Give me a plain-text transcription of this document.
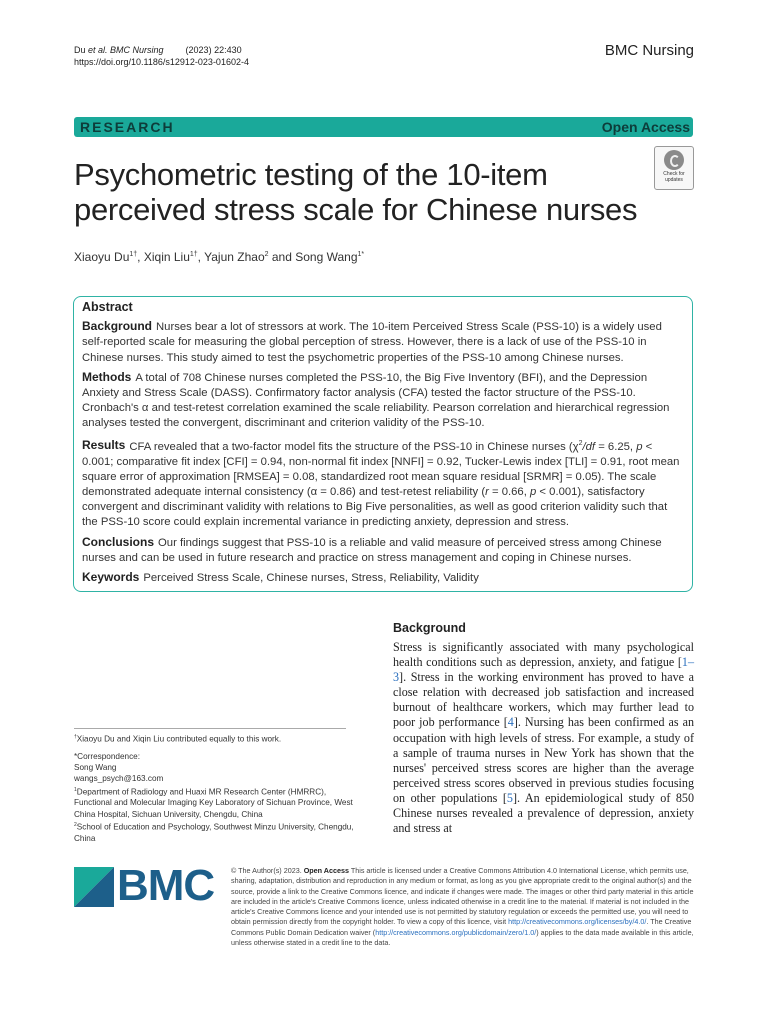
Du et al. BMC Nursing (2023) 22:430
https://doi.org/10.1186/s12912-023-01602-4
BMC Nursing
RESEARCH	Open Access
Psychometric testing of the 10-item perceived stress scale for Chinese nurses
Check for
updates
Xiaoyu $Du^{1\dagger}$, Xiqin Liu$^{1\dagger}$, Yajun Zhao$^2$ and Song Wang$^{1*}$
Abstract

Background Nurses bear a lot of stressors at work. The 10-item Perceived Stress Scale (PSS-10) is a widely used self-reported scale for measuring the global perception of stress. However, there is a lack of use of the PSS-10 in Chinese nurses. This study aimed to test the psychometric properties of the PSS-10 among Chinese nurses.

Methods A total of 708 Chinese nurses completed the PSS-10, the Big Five Inventory (BFI), and the Depression Anxiety and Stress Scale (DASS). Confirmatory factor analysis (CFA) tested the factor structure of the PSS-10. Cronbach's α and test-retest correlation examined the scale reliability. Pearson correlation and hierarchical regression analyses tested the convergent, discriminant and criterion validity of the PSS-10.

Results CFA revealed that a two-factor model fits the structure of the PSS-10 in Chinese nurses ($\chi^2/df = 6.25$, p < 0.001; comparative fit index [CFI] = 0.94, non-normal fit index [NNFI] = 0.92, Tucker-Lewis index [TLI] = 0.91, root mean square error of approximation [RMSEA] = 0.08, standardized root mean square residual [SRMR] = 0.05). The scale demonstrated adequate internal consistency (α = 0.86) and test-retest reliability (r = 0.66, p < 0.001), satisfactory convergent and discriminant validity with relations to Big Five personalities, as well as good criterion validity such that the PSS-10 score could explain incremental variance in predicting anxiety, depression and stress.

Conclusions Our findings suggest that PSS-10 is a reliable and valid measure of perceived stress among Chinese nurses and can be used in future research and practice on stress management and coping in Chinese nurses.

Keywords Perceived Stress Scale, Chinese nurses, Stress, Reliability, Validity

Background
Stress is significantly associated with many psychological health conditions such as depression, anxiety, and fatigue [1–3]. Stress in the working environment has proved to have a close relation with decreased job satisfaction and increased burnout of healthcare workers, which may further lead to poor job performance [4]. Nursing has been confirmed as an occupation with high levels of stress. For example, a study of a sample of trauma nurses in New York has shown that the nurses' perceived stress scores are higher than the average perceived stress scores observed in previous studies focusing on other populations [5]. An epidemiological study of 850 Chinese nurses revealed a prevalence of depression, anxiety and stress at

†Xiaoyu Du and Xiqin Liu contributed equally to this work.

*Correspondence:

Song Wang

wangs_psych@163.com

$^1$Department of Radiology and Huaxi MR Research Center (HMRRC), Functional and Molecular Imaging Key Laboratory of Sichuan Province, West China Hospital, Sichuan University, Chengdu, China

$^2$School of Education and Psychology, Southwest Minzu University, Chengdu, China

BMC © The Author(s) 2023. Open Access This article is licensed under a Creative Commons Attribution 4.0 International License, which permits use, sharing, adaptation, distribution and reproduction in any medium or format, as long as you give appropriate credit to the original author(s) and the source, provide a link to the Creative Commons licence, and indicate if changes were made. The images or other third party material in this article are included in the article's Creative Commons licence, unless indicated otherwise in a credit line to the material. If material is not included in the article's Creative Commons licence and your intended use is not permitted by statutory regulation or exceeds the permitted use, you will need to obtain permission directly from the copyright holder. To view a copy of this licence, visit http://creativecommons.org/licenses/by/4.0/. The Creative Commons Public Domain Dedication waiver (http://creativecommons.org/publicdomain/zero/1.0/) applies to the data made available in this article, unless otherwise stated in a credit line to the data.
